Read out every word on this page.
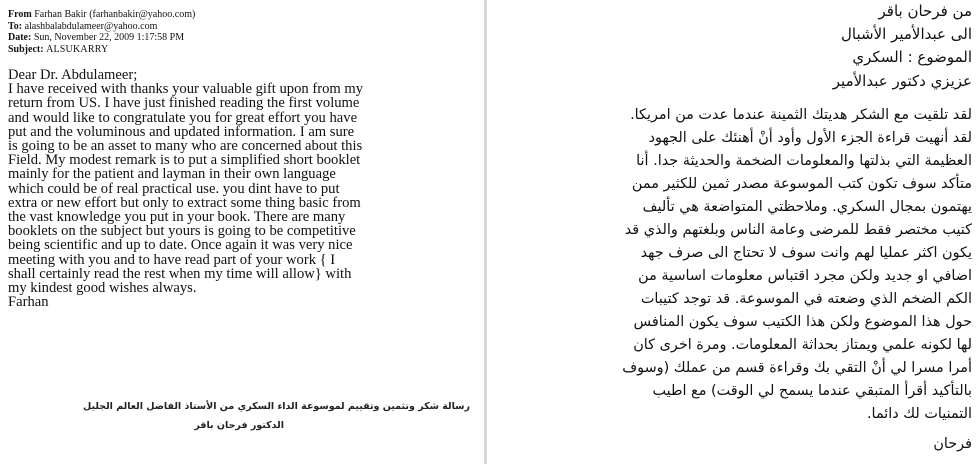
From Farhan Bakir (farhanbakir@yahoo.com)
To: alashbalabdulameer@yahoo.com
Date: Sun, November 22, 2009 1:17:58 PM
Subject: ALSUKARRY
Dear Dr. Abdulameer;
I have received with thanks your valuable gift upon from my
return from US. I have just finished reading the first volume
and would like to congratulate you for great effort you have
put and the voluminous and updated information. I am sure
is going to be an asset to many who are concerned about this
Field. My modest remark is to put a simplified short booklet
mainly for the patient and layman in their own language
which could be of real practical use. you dint have to put
extra or new effort but only to extract some thing basic from
the vast knowledge you put in your book. There are many
booklets on the subject but yours is going to be competitive
being scientific and up to date. Once again it was very nice
meeting with you and to have read part of your work { I
shall certainly read the rest when my time will allow} with
my kindest good wishes always.
Farhan
رسالة شكر وتثمين وتقييم لموسوعة الداء السكري من الأستاذ الفاضل العالم الجليل
الدكتور فرحان باقر
من فرحان باقر
الى عبدالأمير الأشبال
الموضوع : السكري
عزيزي دكتور عبدالأمير
لقد تلقيت مع الشكر هديتك الثمينة عندما عدت من امريكا.
لقد أنهيت قراءة الجزء الأول وأود أنْ أهنئك على الجهود
العظيمة التي بذلتها والمعلومات الضخمة والحديثة جدا. أنا
متأكد سوف تكون كتب الموسوعة مصدر ثمين للكثير ممن
يهتمون بمجال السكري. وملاحظتي المتواضعة هي تأليف
كتيب مختصر فقط للمرضى وعامة الناس وبلغتهم والذي قد
يكون اكثر عمليا لهم وانت سوف لا تحتاج الى صرف جهد
اضافي او جديد ولكن مجرد اقتباس معلومات اساسية من
الكم الضخم الذي وضعته في الموسوعة. قد توجد كتيبات
حول هذا الموضوع ولكن هذا الكتيب سوف يكون المنافس
لها لكونه علمي ويمتاز بحداثة المعلومات. ومرة اخرى كان
أمرا مسرا لي أنْ التقي بك وقراءة قسم من عملك (وسوف
بالتأكيد أقرأ المتبقي عندما يسمح لي الوقت) مع اطيب
التمنيات لك دائما.
فرحان
